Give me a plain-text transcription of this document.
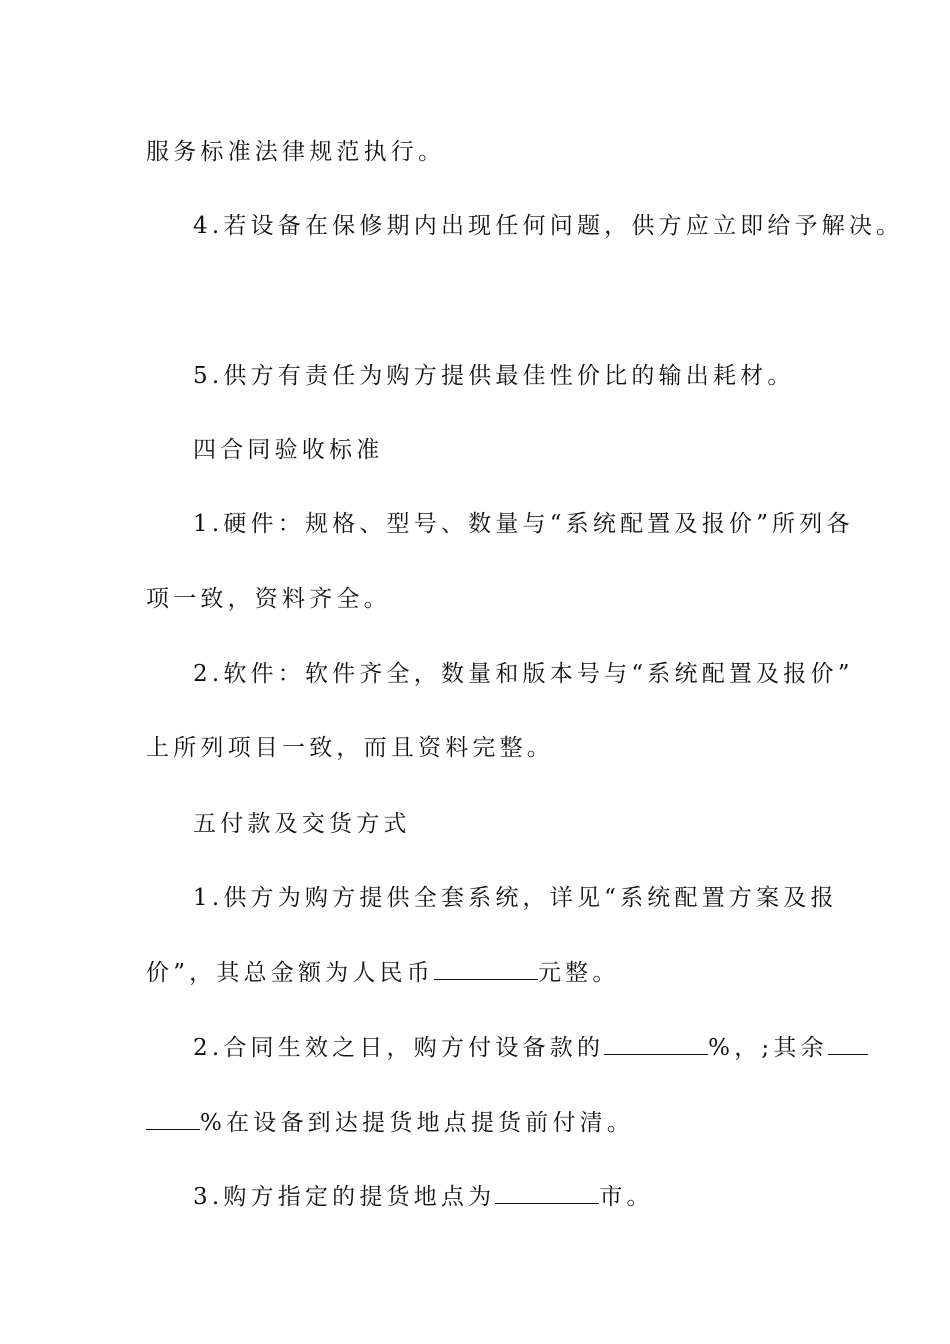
服务标准法律规范执行。

4.若设备在保修期内出现任何问题，供方应立即给予解决。

5.供方有责任为购方提供最佳性价比的输出耗材。

四合同验收标准

1.硬件：规格、型号、数量与“系统配置及报价”所列各

项一致，资料齐全。

2.软件：软件齐全，数量和版本号与“系统配置及报价”

上所列项目一致，而且资料完整。

五付款及交货方式

1.供方为购方提供全套系统，详见“系统配置方案及报

价”，其总金额为人民币	元整。

2.合同生效之日，购方付设备款的	%，;其余

%在设备到达提货地点提货前付清。

3.购方指定的提货地点为	市。
